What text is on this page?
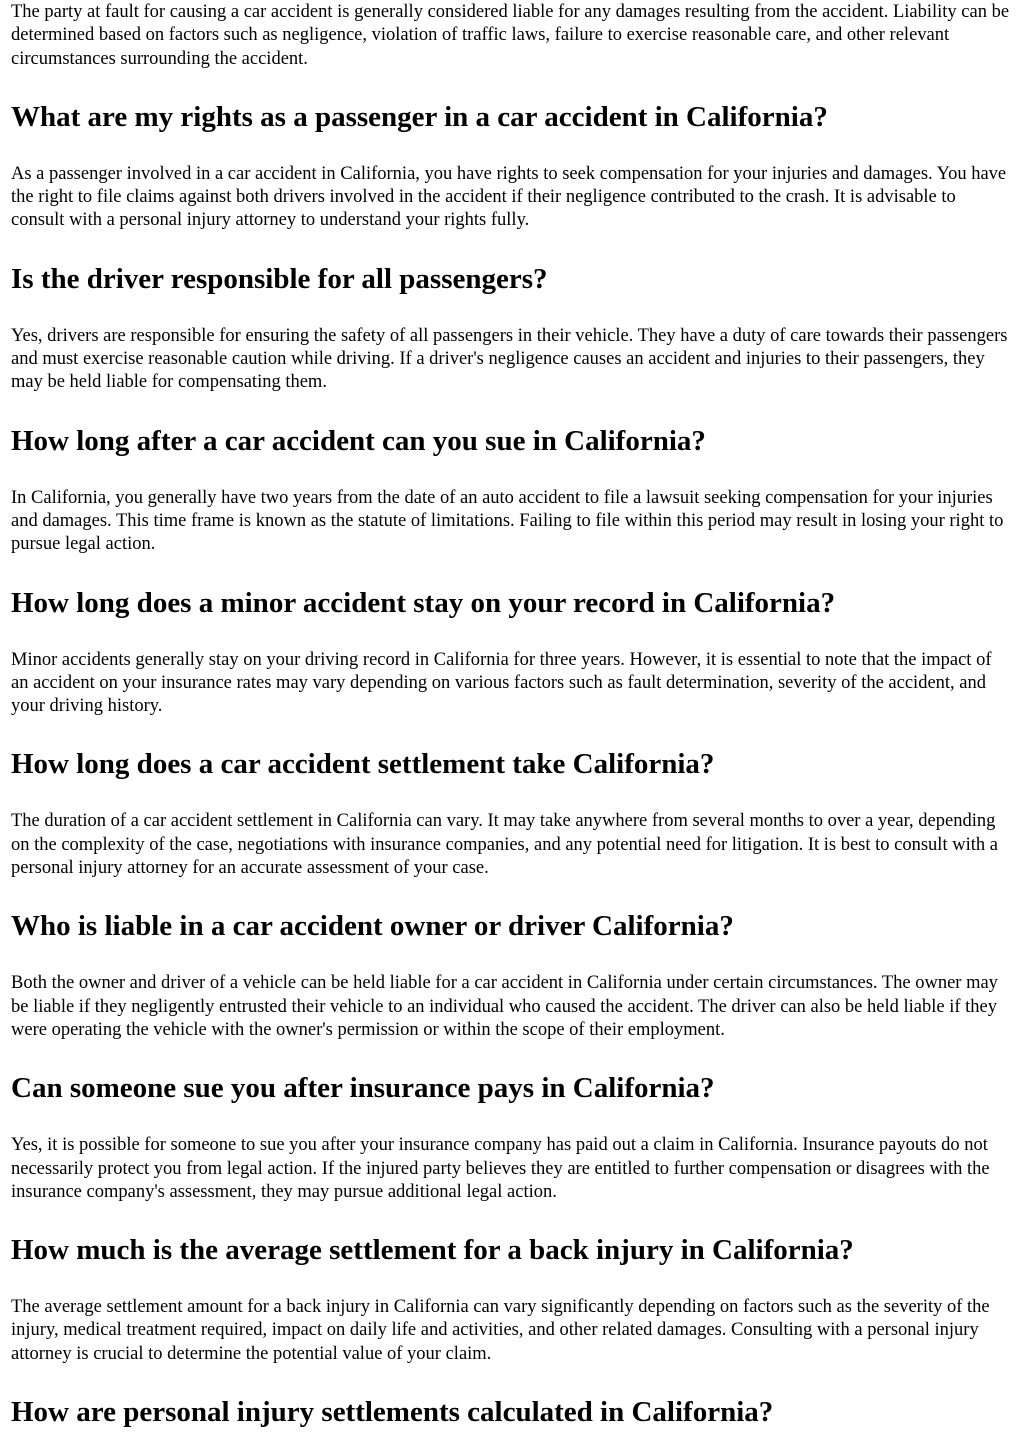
The party at fault for causing a car accident is generally considered liable for any damages resulting from the accident. Liability can be determined based on factors such as negligence, violation of traffic laws, failure to exercise reasonable care, and other relevant circumstances surrounding the accident.

What are my rights as a passenger in a car accident in California?

As a passenger involved in a car accident in California, you have rights to seek compensation for your injuries and damages. You have the right to file claims against both drivers involved in the accident if their negligence contributed to the crash. It is advisable to consult with a personal injury attorney to understand your rights fully.

Is the driver responsible for all passengers?

Yes, drivers are responsible for ensuring the safety of all passengers in their vehicle. They have a duty of care towards their passengers and must exercise reasonable caution while driving. If a driver's negligence causes an accident and injuries to their passengers, they may be held liable for compensating them.

How long after a car accident can you sue in California?

In California, you generally have two years from the date of an auto accident to file a lawsuit seeking compensation for your injuries and damages. This time frame is known as the statute of limitations. Failing to file within this period may result in losing your right to pursue legal action.

How long does a minor accident stay on your record in California?

Minor accidents generally stay on your driving record in California for three years. However, it is essential to note that the impact of an accident on your insurance rates may vary depending on various factors such as fault determination, severity of the accident, and your driving history.

How long does a car accident settlement take California?

The duration of a car accident settlement in California can vary. It may take anywhere from several months to over a year, depending on the complexity of the case, negotiations with insurance companies, and any potential need for litigation. It is best to consult with a personal injury attorney for an accurate assessment of your case.

Who is liable in a car accident owner or driver California?

Both the owner and driver of a vehicle can be held liable for a car accident in California under certain circumstances. The owner may be liable if they negligently entrusted their vehicle to an individual who caused the accident. The driver can also be held liable if they were operating the vehicle with the owner's permission or within the scope of their employment.

Can someone sue you after insurance pays in California?

Yes, it is possible for someone to sue you after your insurance company has paid out a claim in California. Insurance payouts do not necessarily protect you from legal action. If the injured party believes they are entitled to further compensation or disagrees with the insurance company's assessment, they may pursue additional legal action.

How much is the average settlement for a back injury in California?

The average settlement amount for a back injury in California can vary significantly depending on factors such as the severity of the injury, medical treatment required, impact on daily life and activities, and other related damages. Consulting with a personal injury attorney is crucial to determine the potential value of your claim.

How are personal injury settlements calculated in California?
